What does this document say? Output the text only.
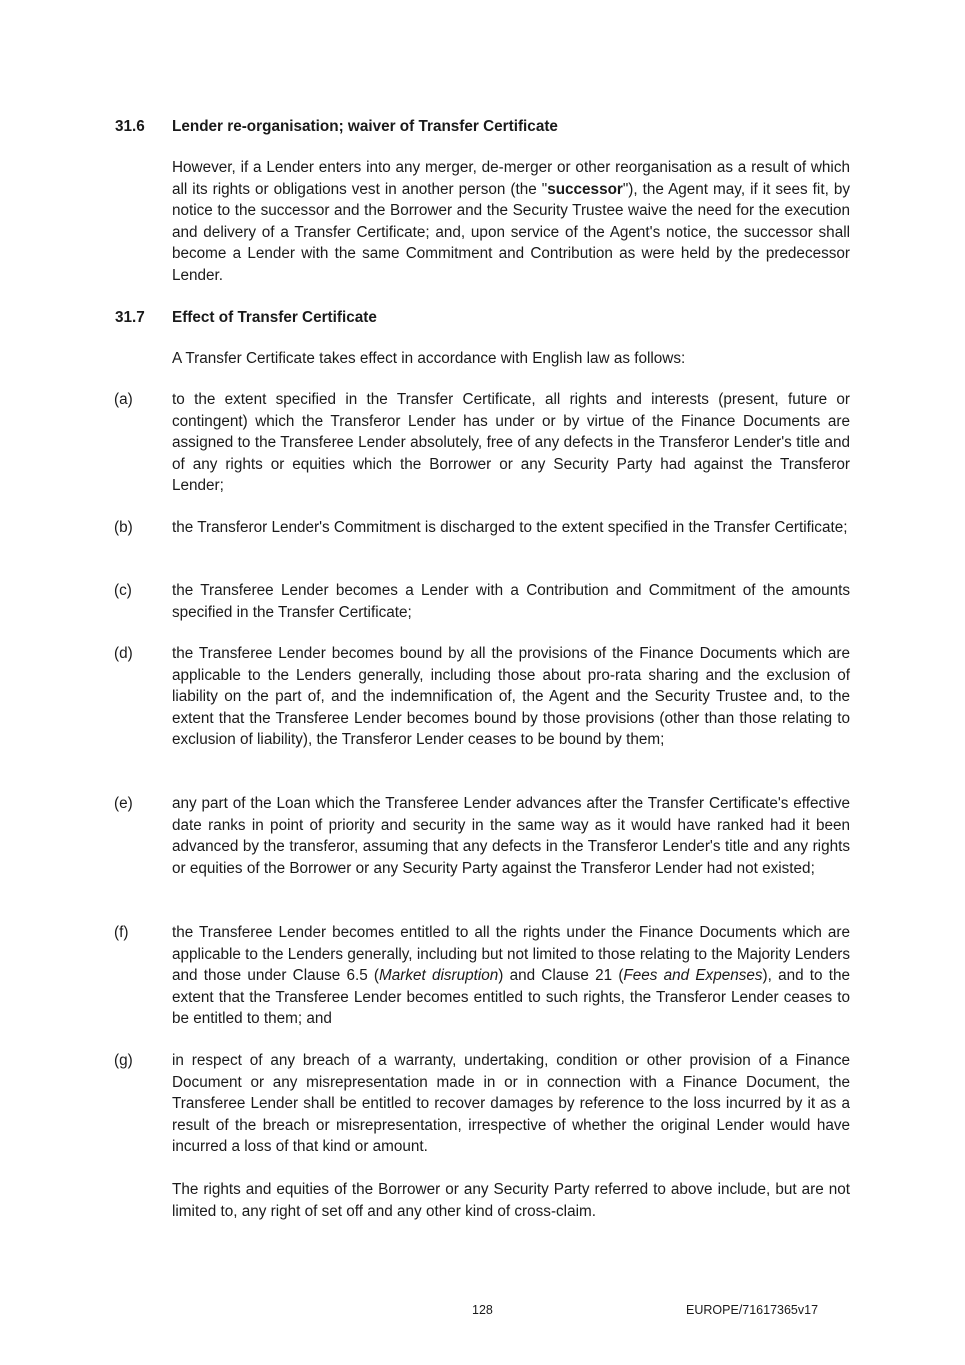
31.6 Lender re-organisation; waiver of Transfer Certificate
However, if a Lender enters into any merger, de-merger or other reorganisation as a result of which all its rights or obligations vest in another person (the "successor"), the Agent may, if it sees fit, by notice to the successor and the Borrower and the Security Trustee waive the need for the execution and delivery of a Transfer Certificate; and, upon service of the Agent's notice, the successor shall become a Lender with the same Commitment and Contribution as were held by the predecessor Lender.
31.7 Effect of Transfer Certificate
A Transfer Certificate takes effect in accordance with English law as follows:
(a)	to the extent specified in the Transfer Certificate, all rights and interests (present, future or contingent) which the Transferor Lender has under or by virtue of the Finance Documents are assigned to the Transferee Lender absolutely, free of any defects in the Transferor Lender's title and of any rights or equities which the Borrower or any Security Party had against the Transferor Lender;
(b)	the Transferor Lender's Commitment is discharged to the extent specified in the Transfer Certificate;
(c)	the Transferee Lender becomes a Lender with a Contribution and Commitment of the amounts specified in the Transfer Certificate;
(d)	the Transferee Lender becomes bound by all the provisions of the Finance Documents which are applicable to the Lenders generally, including those about pro-rata sharing and the exclusion of liability on the part of, and the indemnification of, the Agent and the Security Trustee and, to the extent that the Transferee Lender becomes bound by those provisions (other than those relating to exclusion of liability), the Transferor Lender ceases to be bound by them;
(e)	any part of the Loan which the Transferee Lender advances after the Transfer Certificate's effective date ranks in point of priority and security in the same way as it would have ranked had it been advanced by the transferor, assuming that any defects in the Transferor Lender's title and any rights or equities of the Borrower or any Security Party against the Transferor Lender had not existed;
(f)	the Transferee Lender becomes entitled to all the rights under the Finance Documents which are applicable to the Lenders generally, including but not limited to those relating to the Majority Lenders and those under Clause 6.5 (Market disruption) and Clause 21 (Fees and Expenses), and to the extent that the Transferee Lender becomes entitled to such rights, the Transferor Lender ceases to be entitled to them; and
(g)	in respect of any breach of a warranty, undertaking, condition or other provision of a Finance Document or any misrepresentation made in or in connection with a Finance Document, the Transferee Lender shall be entitled to recover damages by reference to the loss incurred by it as a result of the breach or misrepresentation, irrespective of whether the original Lender would have incurred a loss of that kind or amount.
The rights and equities of the Borrower or any Security Party referred to above include, but are not limited to, any right of set off and any other kind of cross-claim.
128	EUROPE/71617365v17
